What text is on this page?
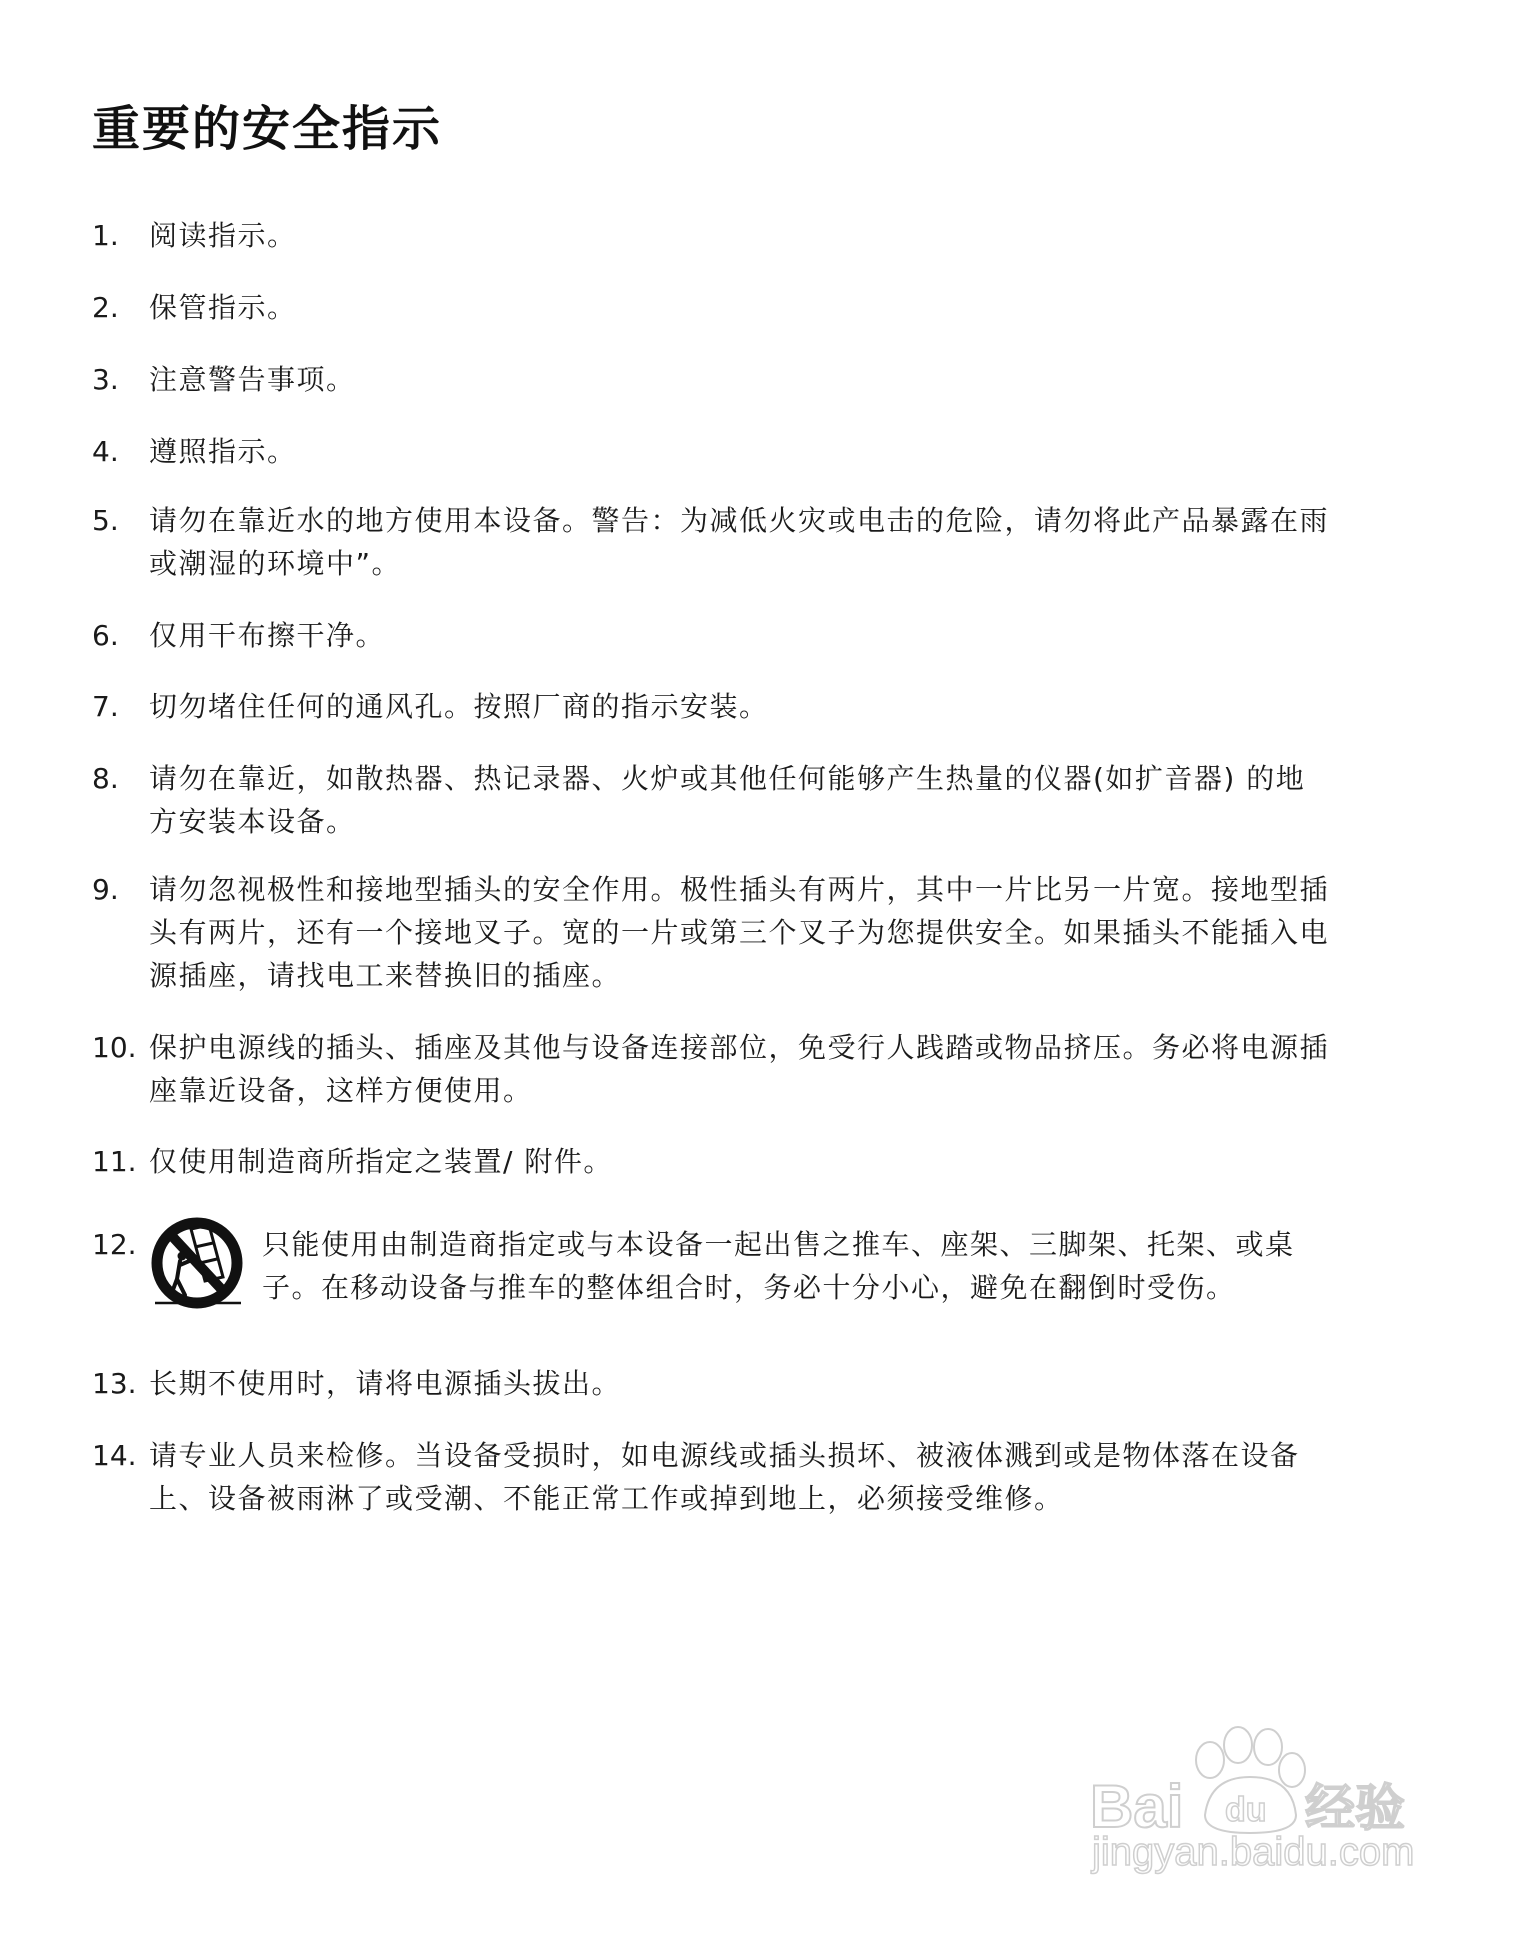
重要的安全指示
1.	阅读指示。
2.	保管指示。
3.	注意警告事项。
4.	遵照指示。
5.	请勿在靠近水的地方使用本设备。警告：为减低火灾或电击的危险，请勿将此产品暴露在雨
或潮湿的环境中”。
6.	仅用干布擦干净。
7.	切勿堵住任何的通风孔。按照厂商的指示安装。
8.	请勿在靠近，如散热器、热记录器、火炉或其他任何能够产生热量的仪器(如扩音器) 的地
方安装本设备。
9.	请勿忽视极性和接地型插头的安全作用。极性插头有两片，其中一片比另一片宽。接地型插
头有两片，还有一个接地叉子。宽的一片或第三个叉子为您提供安全。如果插头不能插入电
源插座，请找电工来替换旧的插座。
10. 保护电源线的插头、插座及其他与设备连接部位，免受行人践踏或物品挤压。务必将电源插
座靠近设备，这样方便使用。
11. 仅使用制造商所指定之装置/ 附件。
12.	只能使用由制造商指定或与本设备一起出售之推车、座架、三脚架、托架、或桌
子。在移动设备与推车的整体组合时，务必十分小心，避免在翻倒时受伤。
13. 长期不使用时，请将电源插头拔出。
14. 请专业人员来检修。当设备受损时，如电源线或插头损坏、被液体溅到或是物体落在设备
上、设备被雨淋了或受潮、不能正常工作或掉到地上，必须接受维修。
Bai du 经验
jingyan.baidu.com
